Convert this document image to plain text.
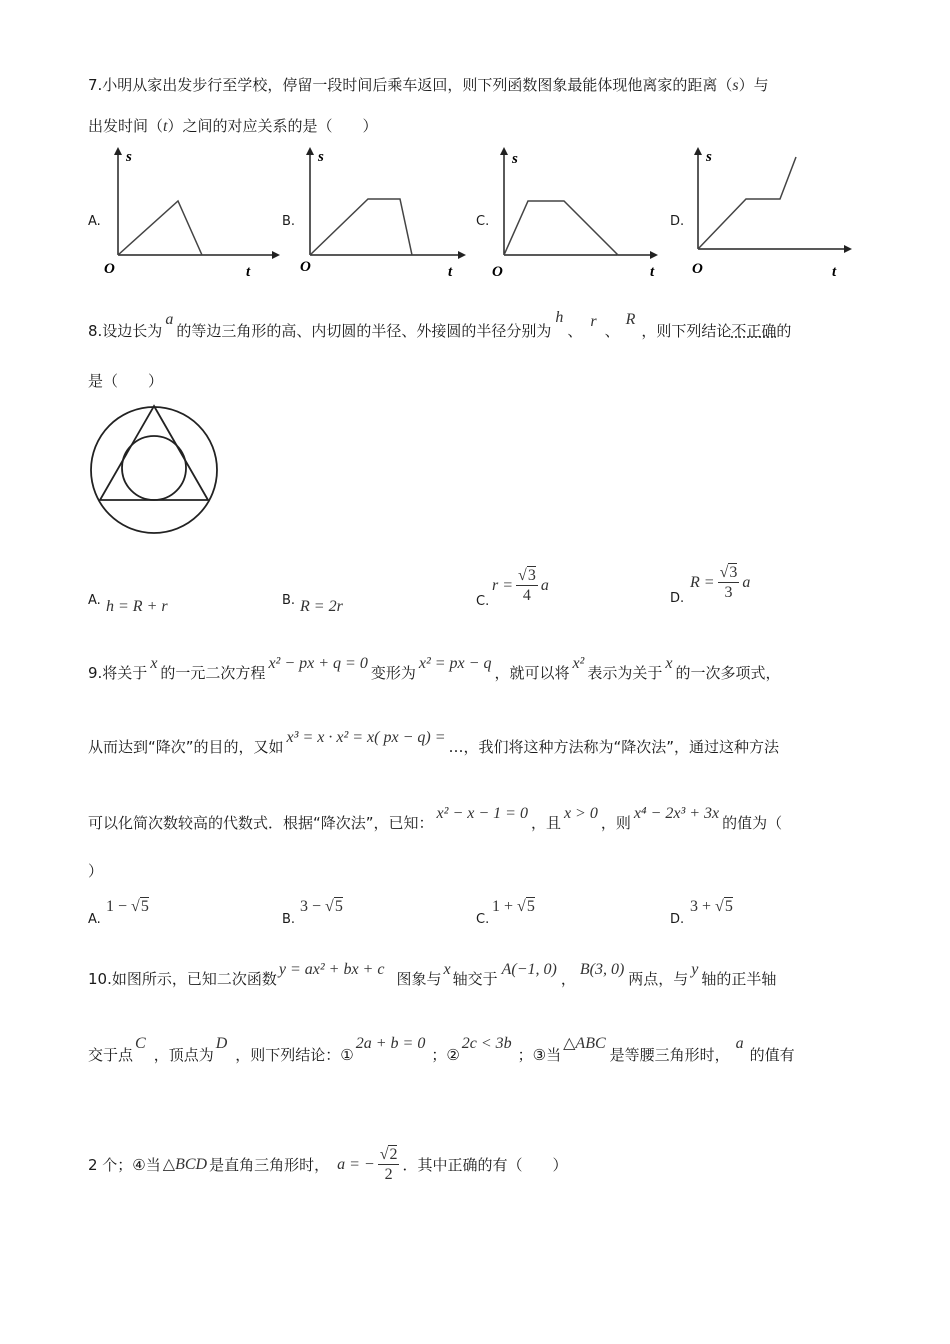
7.小明从家出发步行至学校，停留一段时间后乘车返回，则下列函数图象最能体现他离家的距离（s）与
出发时间（t）之间的对应关系的是（　　）
A.	B.	C.	D.
s
t
O
s
t
O
s
t
O
s
t
O
8.设边长为a的等边三角形的高、内切圆的半径、外接圆的半径分别为h、r、R，则下列结论不正确的
是（　　）
A. h = R + r	B. R = 2r	C.
$r = \frac{√3}{4}$ a
D.
$R = \frac{√3}{3}$ a
9.将关于x的一元二次方程x² − px + q = 0变形为x² = px − q，就可以将x²表示为关于x的一次多项式，
从而达到“降次”的目的，又如x³ = x · x² = x( px − q) =…，我们将这种方法称为“降次法”，通过这种方法
可以化简次数较高的代数式．根据“降次法”，已知：x² − x − 1 = 0，且x > 0，则x⁴ − 2x³ + 3x的值为（
）
A.
1 − √5
B.
3 − √5
C.
1 + √5
D.
3 + √5
10.如图所示，已知二次函数y = ax² + bx + c图象与x轴交于A(−1, 0)，B(3, 0)两点，与y轴的正半轴
交于点C，顶点为D，则下列结论：①2a + b = 0；②2c < 3b；③当△ABC是等腰三角形时，a的值有
2 个；④当 △BCD 是直角三角形时， a = − $\frac{√2}{2}$ ．其中正确的有（　　）
